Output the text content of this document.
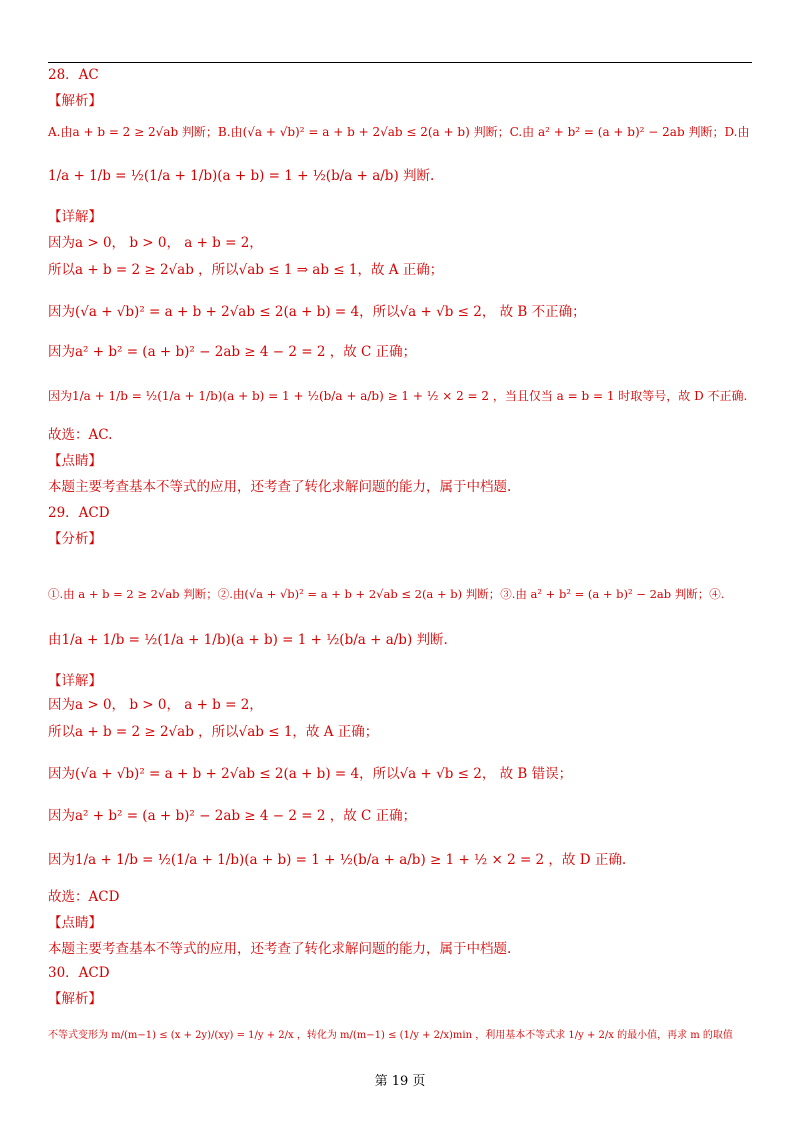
28．AC
【解析】
A.由a + b = 2 ≥ 2√ab 判断；B.由(√a + √b)² = a + b + 2√ab ≤ 2(a + b) 判断；C.由 a² + b² = (a + b)² − 2ab 判断；D.由
1/a + 1/b = ½(1/a + 1/b)(a + b) = 1 + ½(b/a + a/b) 判断.
【详解】
因为a > 0， b > 0， a + b = 2，
所以a + b = 2 ≥ 2√ab ，所以√ab ≤ 1 ⇒ ab ≤ 1，故 A 正确；
因为(√a + √b)² = a + b + 2√ab ≤ 2(a + b) = 4，所以√a + √b ≤ 2， 故 B 不正确；
因为a² + b² = (a + b)² − 2ab ≥ 4 − 2 = 2 ，故 C 正确；
因为1/a + 1/b = ½(1/a + 1/b)(a + b) = 1 + ½(b/a + a/b) ≥ 1 + ½ × 2 = 2 ，当且仅当 a = b = 1 时取等号，故 D 不正确.
故选：AC.
【点睛】
本题主要考查基本不等式的应用，还考查了转化求解问题的能力，属于中档题.
29．ACD
【分析】
①.由 a + b = 2 ≥ 2√ab 判断；②.由(√a + √b)² = a + b + 2√ab ≤ 2(a + b) 判断；③.由 a² + b² = (a + b)² − 2ab 判断；④.
由1/a + 1/b = ½(1/a + 1/b)(a + b) = 1 + ½(b/a + a/b) 判断.
【详解】
因为a > 0， b > 0， a + b = 2，
所以a + b = 2 ≥ 2√ab ，所以√ab ≤ 1，故 A 正确；
因为(√a + √b)² = a + b + 2√ab ≤ 2(a + b) = 4，所以√a + √b ≤ 2， 故 B 错误；
因为a² + b² = (a + b)² − 2ab ≥ 4 − 2 = 2 ，故 C 正确；
因为1/a + 1/b = ½(1/a + 1/b)(a + b) = 1 + ½(b/a + a/b) ≥ 1 + ½ × 2 = 2 ，故 D 正确.
故选：ACD
【点睛】
本题主要考查基本不等式的应用，还考查了转化求解问题的能力，属于中档题.
30．ACD
【解析】
不等式变形为 m/(m−1) ≤ (x + 2y)/(xy) = 1/y + 2/x ，转化为 m/(m−1) ≤ (1/y + 2/x)min ，利用基本不等式求 1/y + 2/x 的最小值，再求 m 的取值
第 19 页
